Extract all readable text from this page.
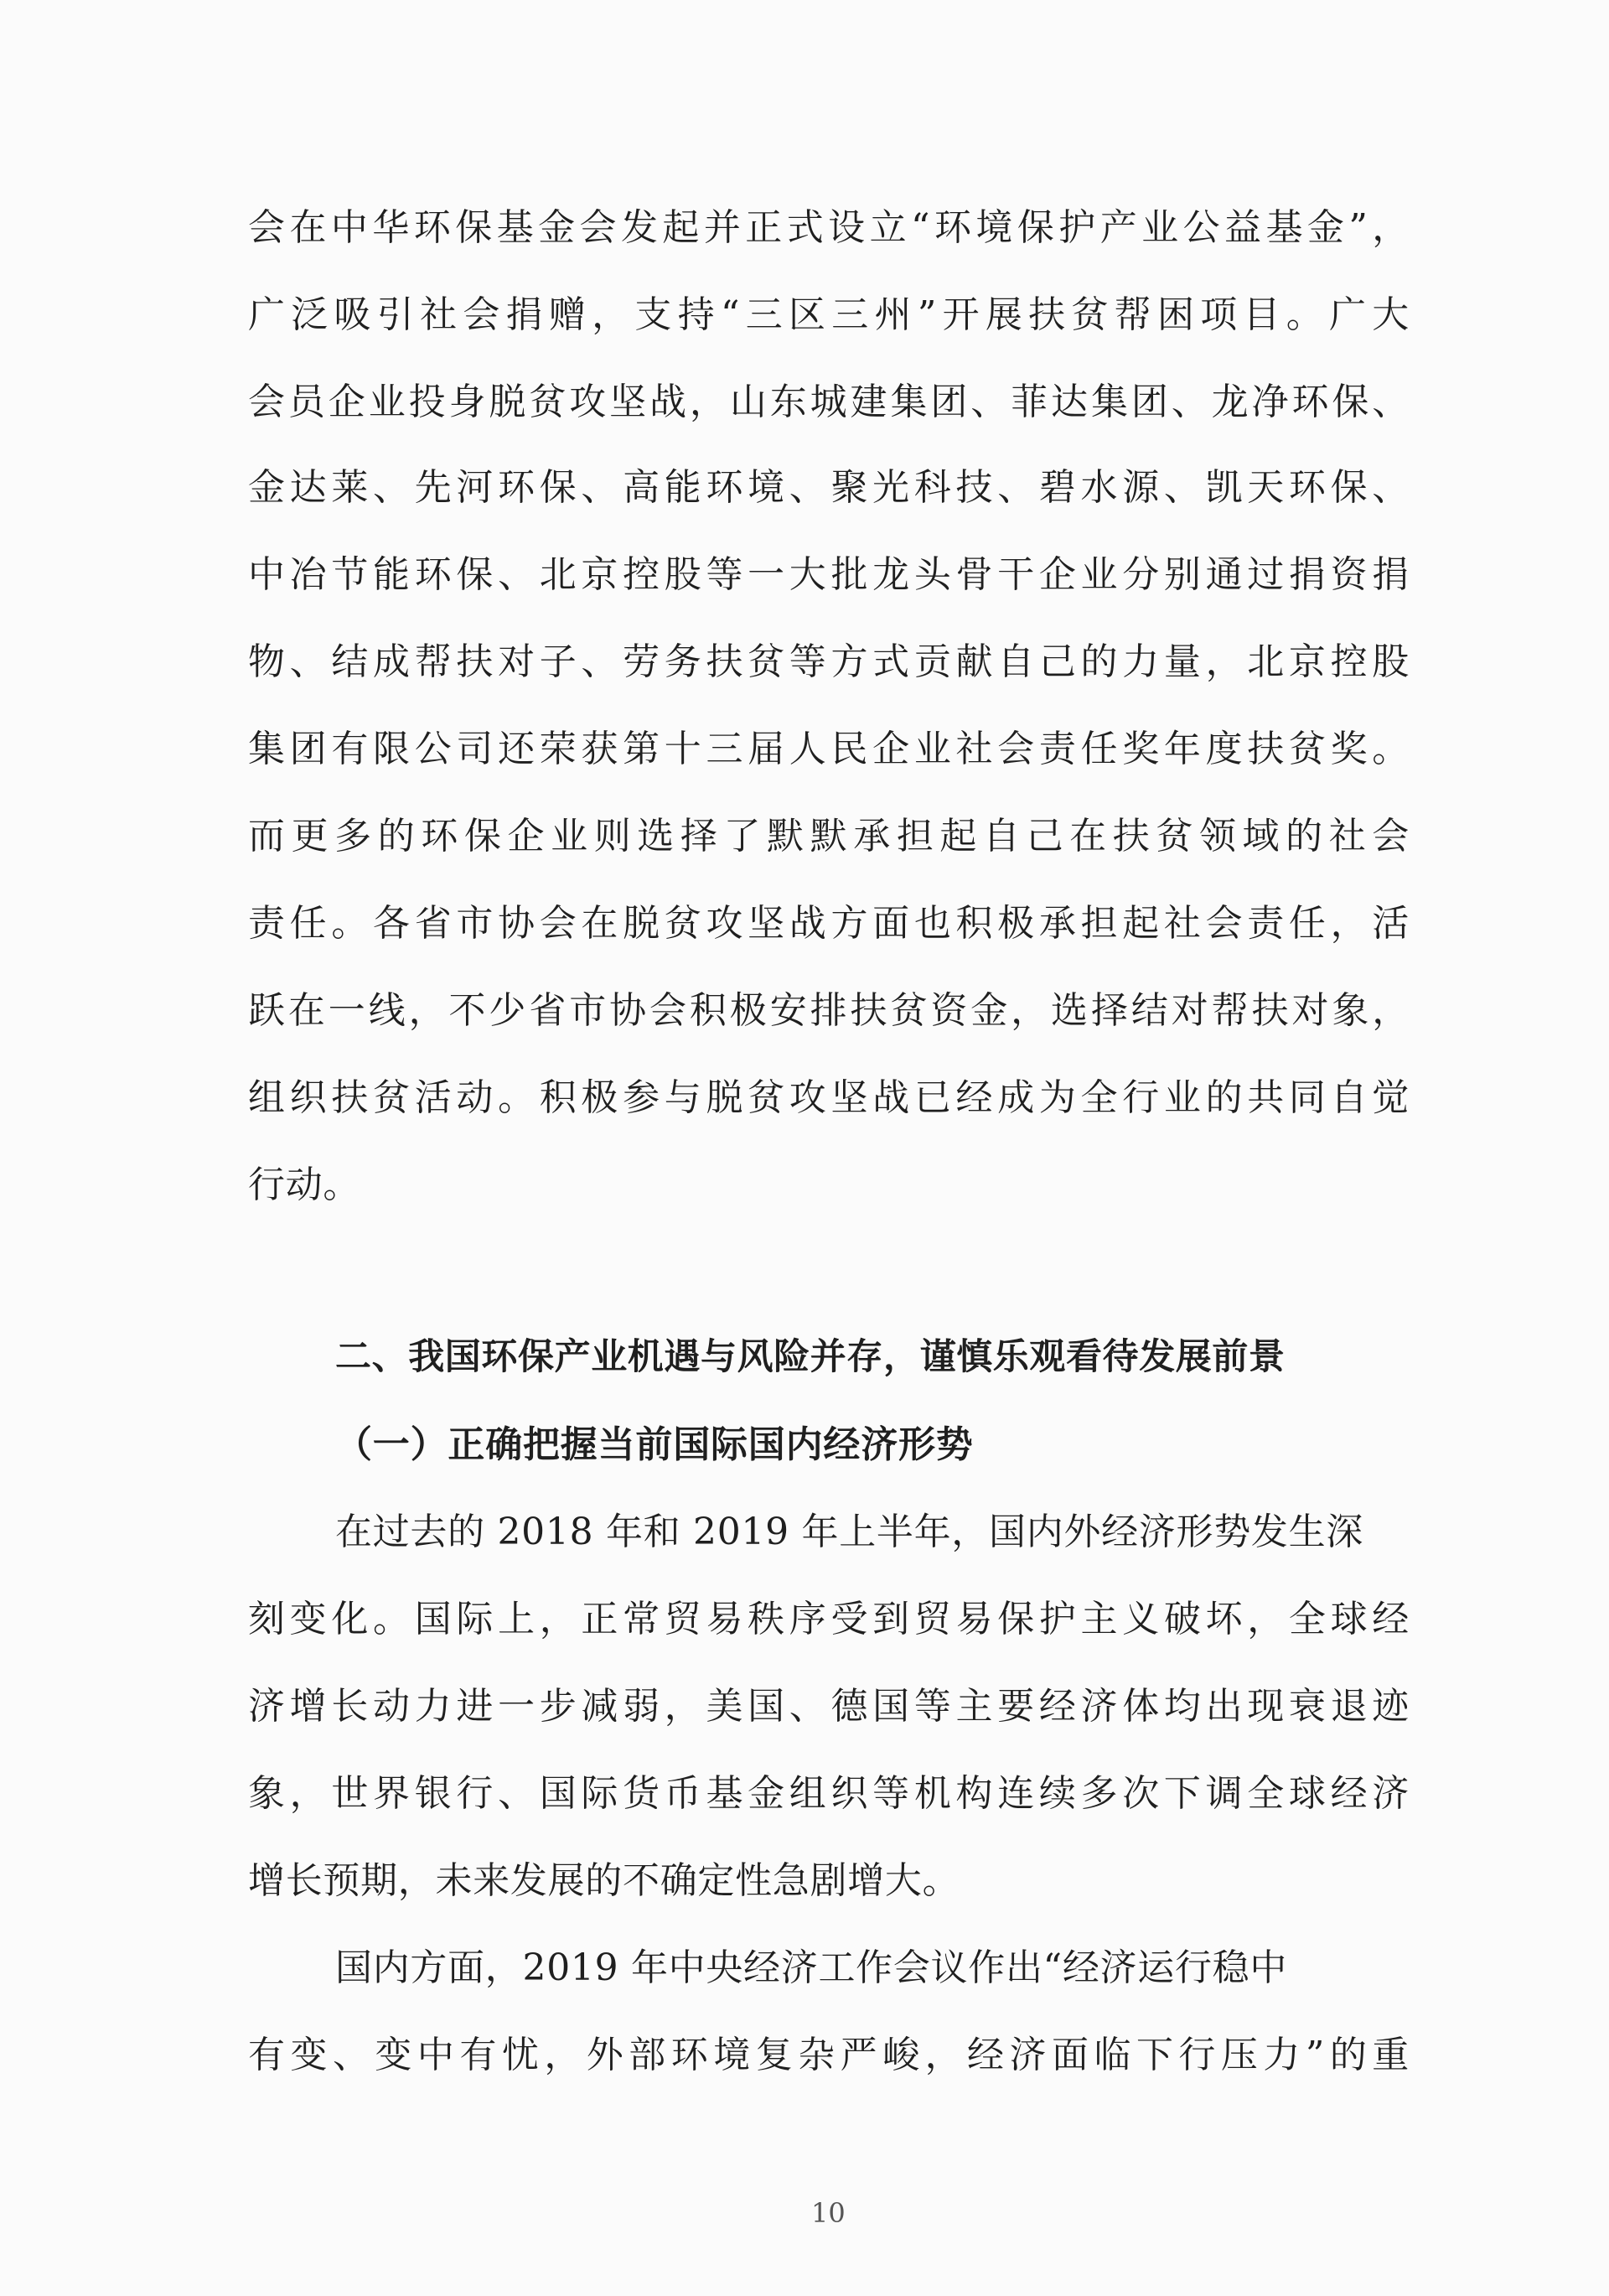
会在中华环保基金会发起并正式设立“环境保护产业公益基金”，
广泛吸引社会捐赠，支持“三区三州”开展扶贫帮困项目。广大
会员企业投身脱贫攻坚战，山东城建集团、菲达集团、龙净环保、
金达莱、先河环保、高能环境、聚光科技、碧水源、凯天环保、
中冶节能环保、北京控股等一大批龙头骨干企业分别通过捐资捐
物、结成帮扶对子、劳务扶贫等方式贡献自己的力量，北京控股
集团有限公司还荣获第十三届人民企业社会责任奖年度扶贫奖。
而更多的环保企业则选择了默默承担起自己在扶贫领域的社会
责任。各省市协会在脱贫攻坚战方面也积极承担起社会责任，活
跃在一线，不少省市协会积极安排扶贫资金，选择结对帮扶对象，
组织扶贫活动。积极参与脱贫攻坚战已经成为全行业的共同自觉
行动。
二、我国环保产业机遇与风险并存，谨慎乐观看待发展前景
（一）正确把握当前国际国内经济形势
在过去的 2018 年和 2019 年上半年，国内外经济形势发生深
刻变化。国际上，正常贸易秩序受到贸易保护主义破坏，全球经
济增长动力进一步减弱，美国、德国等主要经济体均出现衰退迹
象，世界银行、国际货币基金组织等机构连续多次下调全球经济
增长预期，未来发展的不确定性急剧增大。
国内方面，2019 年中央经济工作会议作出“经济运行稳中
有变、变中有忧，外部环境复杂严峻，经济面临下行压力”的重
10
